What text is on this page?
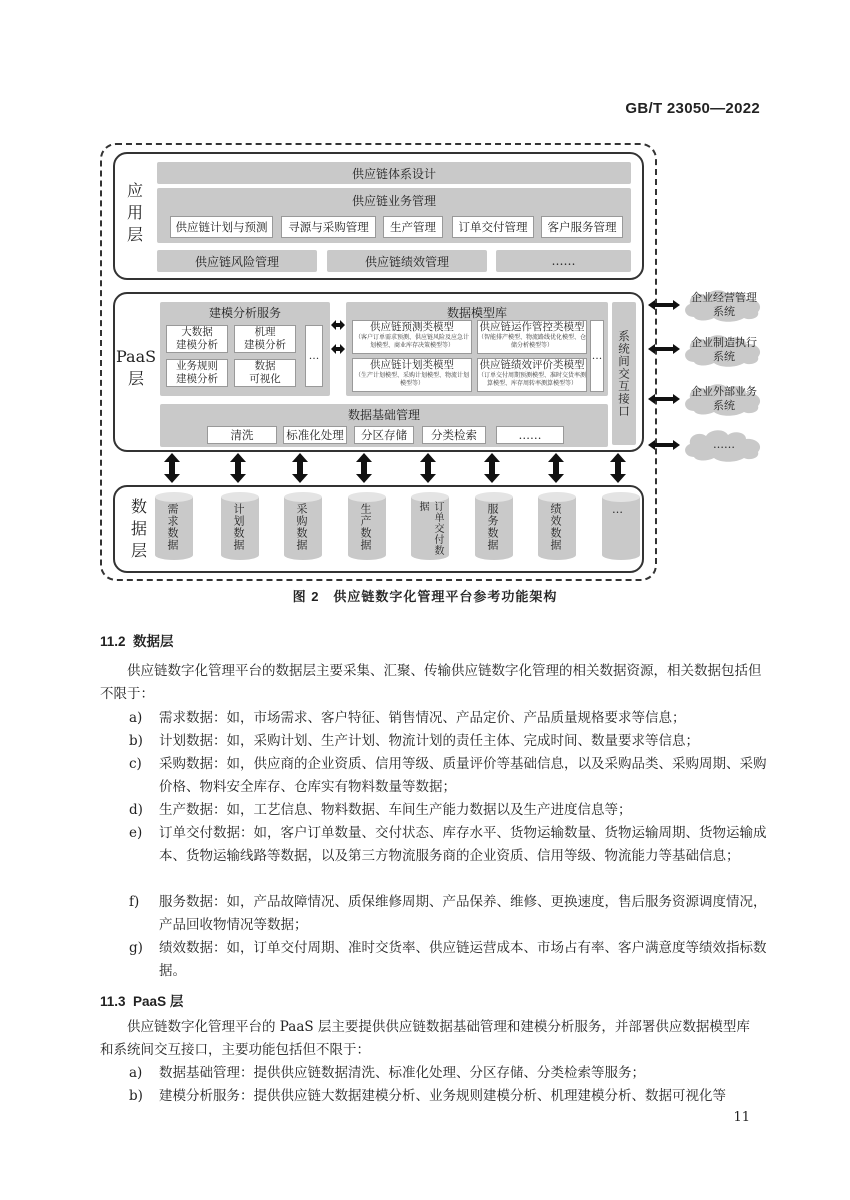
GB/T 23050—2022
应
用
层
供应链体系设计
供应链业务管理
供应链计划与预测	寻源与采购管理	生产管理	订单交付管理	客户服务管理
供应链风险管理	供应链绩效管理	……
PaaS
层
建模分析服务
大数据
建模分析
机理
建模分析
业务规则
建模分析
数据
可视化
…
数据模型库
供应链预测类模型
（客户订单需求预测、供应链风险及应急计划模型、商业库存决策模型等）
供应链运作管控类模型
（智能排产模型、物流路线优化模型、仓储分析模型等）
供应链计划类模型
（生产计划模型、采购计划模型、物流计划模型等）
供应链绩效评价类模型
（订单交付周期预测模型、准时交货率测算模型、库存周转率测算模型等）
…	系统间交互接口
数据基础管理
清洗	标准化处理	分区存储	分类检索	……
数
据
层	需求数据	计划数据	采购数据	生产数据	订单交付数据	服务数据	绩效数据	…
企业经营管理系统
企业制造执行系统
企业外部业务系统
……
图 2　供应链数字化管理平台参考功能架构
11.2 数据层
供应链数字化管理平台的数据层主要采集、汇聚、传输供应链数字化管理的相关数据资源，相关数据包括但不限于：
a)	需求数据：如，市场需求、客户特征、销售情况、产品定价、产品质量规格要求等信息；
b)	计划数据：如，采购计划、生产计划、物流计划的责任主体、完成时间、数量要求等信息；
c)	采购数据：如，供应商的企业资质、信用等级、质量评价等基础信息，以及采购品类、采购周期、采购价格、物料安全库存、仓库实有物料数量等数据；
d)	生产数据：如，工艺信息、物料数据、车间生产能力数据以及生产进度信息等；
e)	订单交付数据：如，客户订单数量、交付状态、库存水平、货物运输数量、货物运输周期、货物运输成本、货物运输线路等数据，以及第三方物流服务商的企业资质、信用等级、物流能力等基础信息；
f)	服务数据：如，产品故障情况、质保维修周期、产品保养、维修、更换速度，售后服务资源调度情况，产品回收物情况等数据；
g)	绩效数据：如，订单交付周期、准时交货率、供应链运营成本、市场占有率、客户满意度等绩效指标数据。
11.3 PaaS 层
供应链数字化管理平台的 PaaS 层主要提供供应链数据基础管理和建模分析服务，并部署供应数据模型库和系统间交互接口，主要功能包括但不限于：
a)	数据基础管理：提供供应链数据清洗、标准化处理、分区存储、分类检索等服务；
b)	建模分析服务：提供供应链大数据建模分析、业务规则建模分析、机理建模分析、数据可视化等
11
